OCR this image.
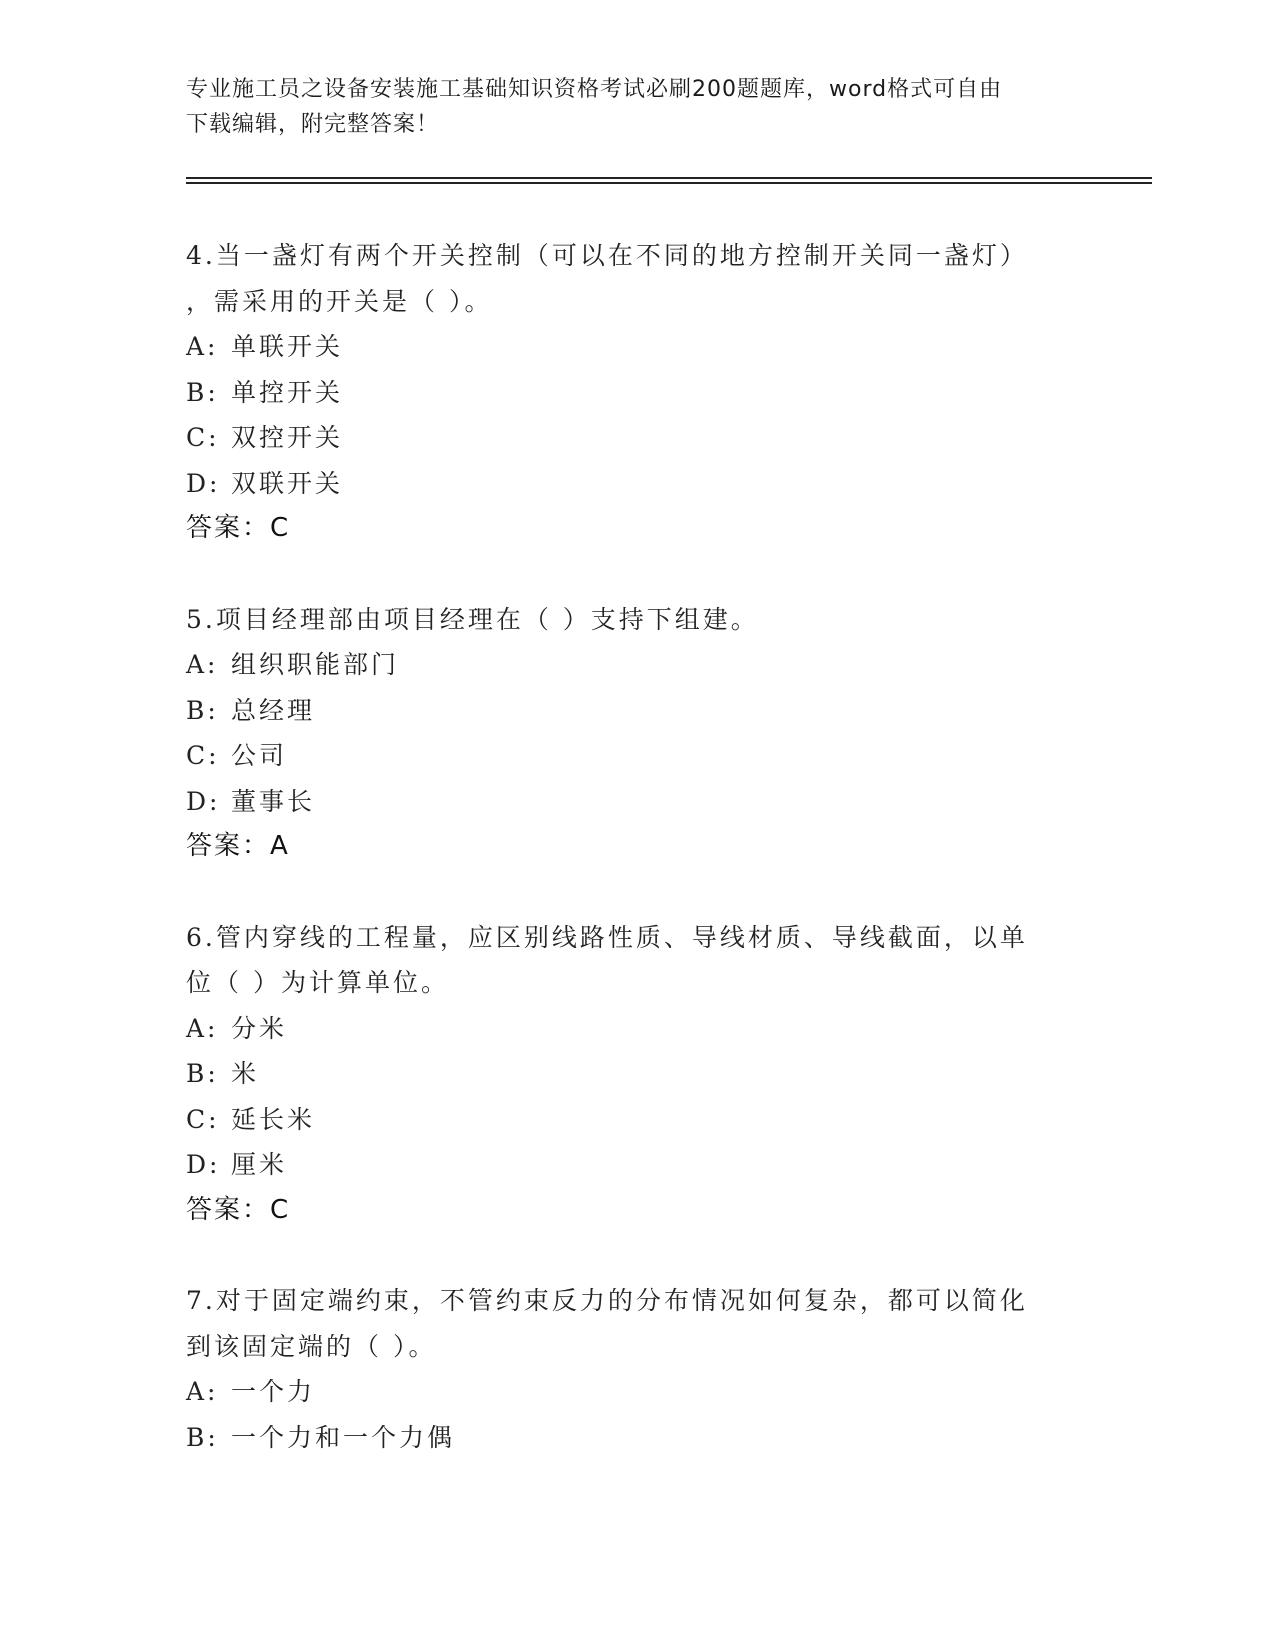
专业施工员之设备安装施工基础知识资格考试必刷200题题库，word格式可自由
下载编辑，附完整答案！

4.当一盏灯有两个开关控制（可以在不同的地方控制开关同一盏灯）

，需采用的开关是（ ）。

A: 单联开关

B: 单控开关

C: 双控开关

D: 双联开关

答案：C

5.项目经理部由项目经理在（ ）支持下组建。

A: 组织职能部门

B: 总经理

C: 公司

D: 董事长

答案：A

6.管内穿线的工程量，应区别线路性质、导线材质、导线截面，以单

位（ ）为计算单位。

A: 分米

B: 米

C: 延长米

D: 厘米

答案：C

7.对于固定端约束，不管约束反力的分布情况如何复杂，都可以简化

到该固定端的（ ）。

A: 一个力

B: 一个力和一个力偶
